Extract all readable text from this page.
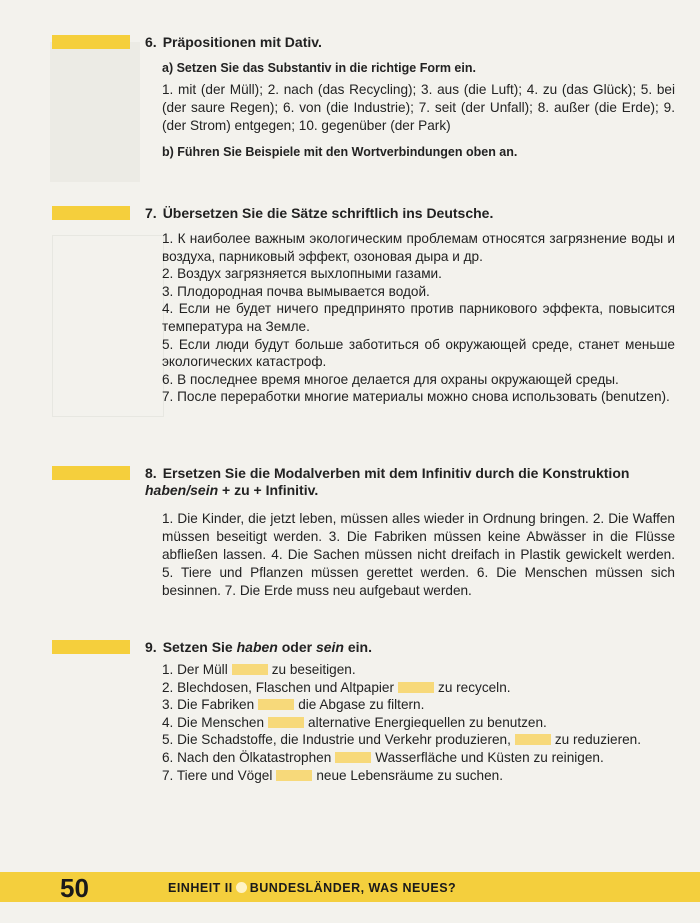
6. Präpositionen mit Dativ.

a) Setzen Sie das Substantiv in die richtige Form ein.

1. mit (der Müll); 2. nach (das Recycling); 3. aus (die Luft); 4. zu (das Glück); 5. bei (der saure Regen); 6. von (die Industrie); 7. seit (der Unfall); 8. außer (die Erde); 9. (der Strom) entgegen; 10. gegenüber (der Park)

b) Führen Sie Beispiele mit den Wortverbindungen oben an.

7. Übersetzen Sie die Sätze schriftlich ins Deutsche.

1. К наиболее важным экологическим проблемам относятся загрязнение воды и воздуха, парниковый эффект, озоновая дыра и др.
2. Воздух загрязняется выхлопными газами.
3. Плодородная почва вымывается водой.
4. Если не будет ничего предпринято против парникового эффекта, повысится температура на Земле.
5. Если люди будут больше заботиться об окружающей среде, станет меньше экологических катастроф.
6. В последнее время многое делается для охраны окружающей среды.
7. После переработки многие материалы можно снова использовать (benutzen).

8. Ersetzen Sie die Modalverben mit dem Infinitiv durch die Konstruktion haben/sein + zu + Infinitiv.

1. Die Kinder, die jetzt leben, müssen alles wieder in Ordnung bringen. 2. Die Waffen müssen beseitigt werden. 3. Die Fabriken müssen keine Abwässer in die Flüsse abfließen lassen. 4. Die Sachen müssen nicht dreifach in Plastik gewickelt werden. 5. Tiere und Pflanzen müssen gerettet werden. 6. Die Menschen müssen sich besinnen. 7. Die Erde muss neu aufgebaut werden.

9. Setzen Sie haben oder sein ein.

1. Der Müll	zu beseitigen.
2. Blechdosen, Flaschen und Altpapier	zu recyceln.
3. Die Fabriken	die Abgase zu filtern.
4. Die Menschen	alternative Energiequellen zu benutzen.
5. Die Schadstoffe, die Industrie und Verkehr produzieren,	zu reduzieren.
6. Nach den Ölkatastrophen	Wasserfläche und Küsten zu reinigen.
7. Tiere und Vögel	neue Lebensräume zu suchen.
50	EINHEIT II BUNDESLÄNDER, WAS NEUES?
